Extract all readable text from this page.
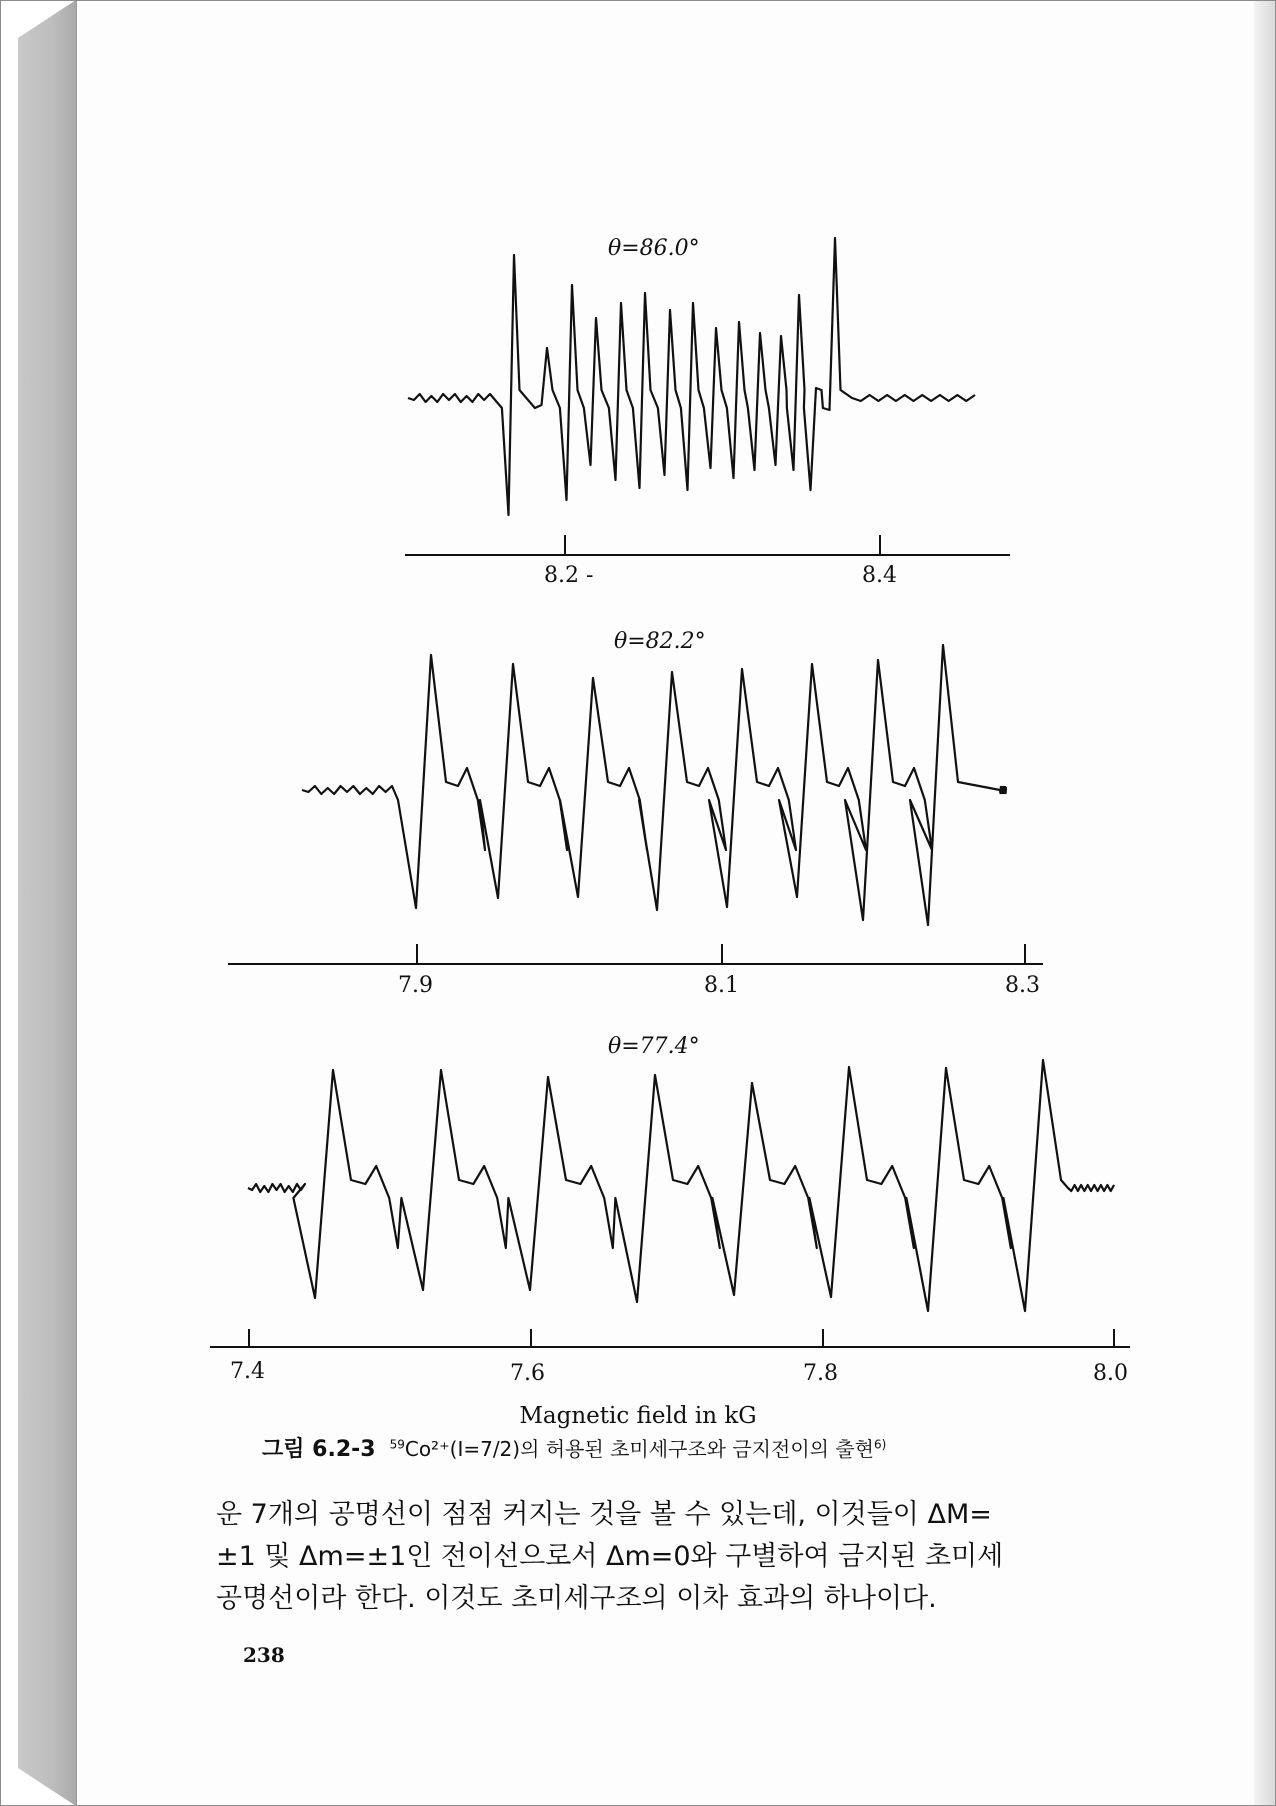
θ=86.0°
8.2 -	8.4
θ=82.2°
7.9	8.1	8.3
θ=77.4°
7.4	7.6	7.8	8.0
Magnetic field in kG
그림 6.2-3 $^{59}$Co²⁺(I=7/2)의 허용된 초미세구조와 금지전이의 출현$^{6)}$

운 7개의 공명선이 점점 커지는 것을 볼 수 있는데, 이것들이 ΔM=

±1 및 Δm=±1인 전이선으로서 Δm=0와 구별하여 금지된 초미세

공명선이라 한다. 이것도 초미세구조의 이차 효과의 하나이다.

238
